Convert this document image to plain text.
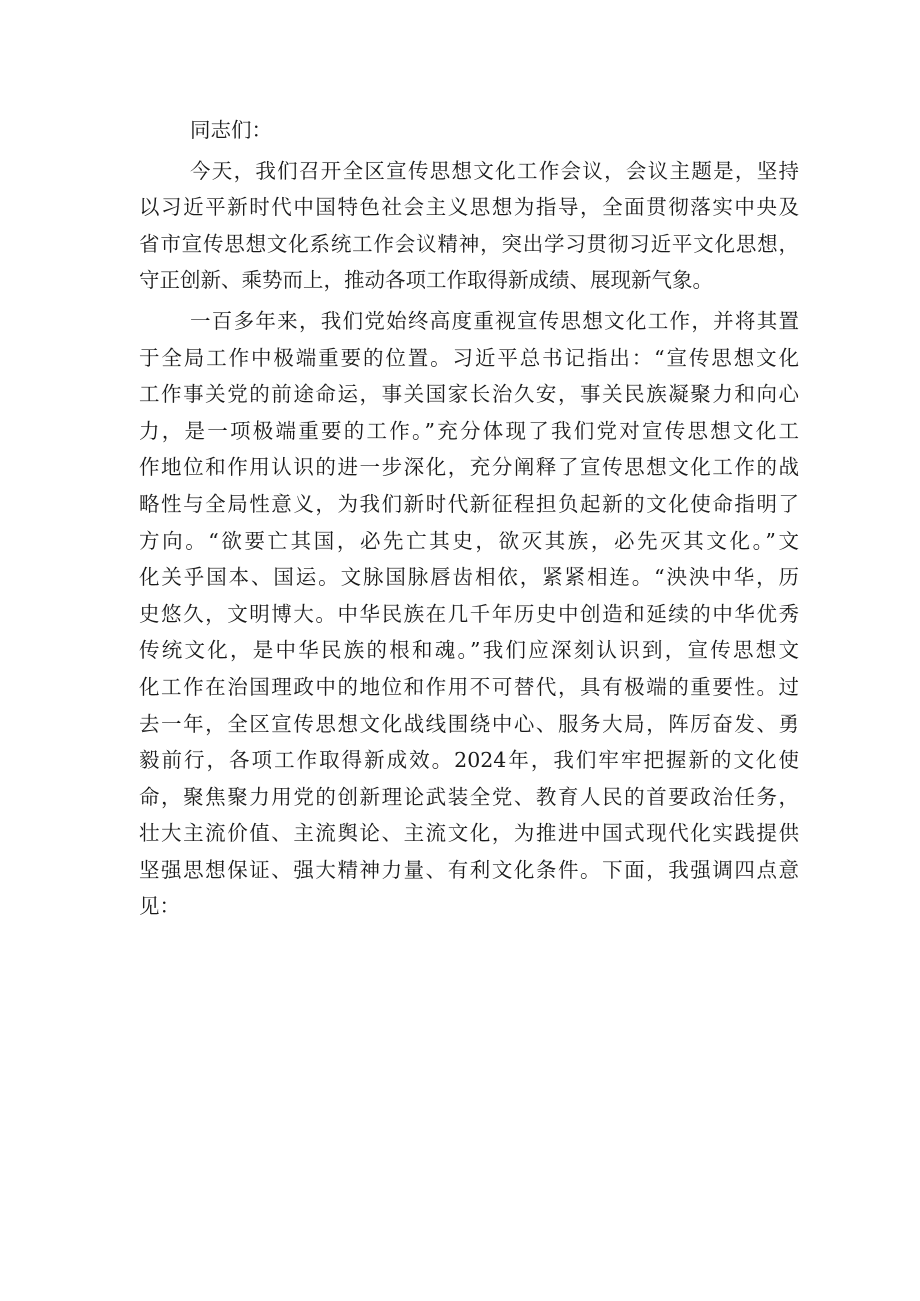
同志们：
今天，我们召开全区宣传思想文化工作会议，会议主题是，坚持
以习近平新时代中国特色社会主义思想为指导，全面贯彻落实中央及
省市宣传思想文化系统工作会议精神，突出学习贯彻习近平文化思想，
守正创新、乘势而上，推动各项工作取得新成绩、展现新气象。
一百多年来，我们党始终高度重视宣传思想文化工作，并将其置
于全局工作中极端重要的位置。习近平总书记指出：“宣传思想文化
工作事关党的前途命运，事关国家长治久安，事关民族凝聚力和向心
力，是一项极端重要的工作。”充分体现了我们党对宣传思想文化工
作地位和作用认识的进一步深化，充分阐释了宣传思想文化工作的战
略性与全局性意义，为我们新时代新征程担负起新的文化使命指明了
方向。“欲要亡其国，必先亡其史，欲灭其族，必先灭其文化。”文
化关乎国本、国运。文脉国脉唇齿相依，紧紧相连。“泱泱中华，历
史悠久，文明博大。中华民族在几千年历史中创造和延续的中华优秀
传统文化，是中华民族的根和魂。”我们应深刻认识到，宣传思想文
化工作在治国理政中的地位和作用不可替代，具有极端的重要性。过
去一年，全区宣传思想文化战线围绕中心、服务大局，阵厉奋发、勇
毅前行，各项工作取得新成效。2024年，我们牢牢把握新的文化使
命，聚焦聚力用党的创新理论武装全党、教育人民的首要政治任务，
壮大主流价值、主流舆论、主流文化，为推进中国式现代化实践提供
坚强思想保证、强大精神力量、有利文化条件。下面，我强调四点意
见：
